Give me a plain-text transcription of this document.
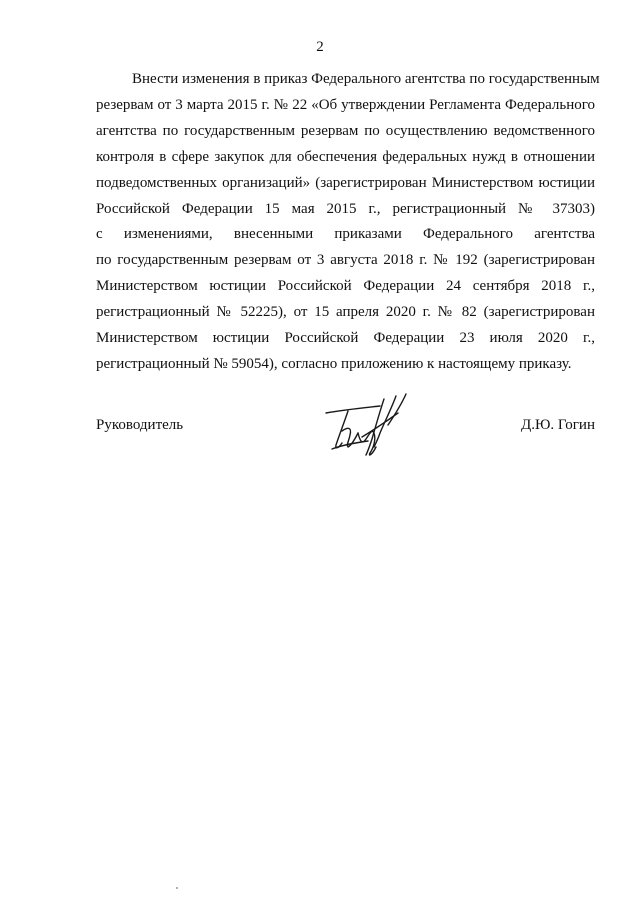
2
Внести изменения в приказ Федерального агентства по государственным
резервам от 3 марта 2015 г. № 22 «Об утверждении Регламента Федерального
агентства по государственным резервам по осуществлению ведомственного
контроля в сфере закупок для обеспечения федеральных нужд в отношении
подведомственных организаций» (зарегистрирован Министерством юстиции
Российской Федерации 15 мая 2015 г., регистрационный № 37303)
с изменениями, внесенными приказами Федерального агентства
по государственным резервам от 3 августа 2018 г. № 192 (зарегистрирован
Министерством юстиции Российской Федерации 24 сентября 2018 г.,
регистрационный № 52225), от 15 апреля 2020 г. № 82 (зарегистрирован
Министерством юстиции Российской Федерации 23 июля 2020 г.,
регистрационный № 59054), согласно приложению к настоящему приказу.
Руководитель	Д.Ю. Гогин
